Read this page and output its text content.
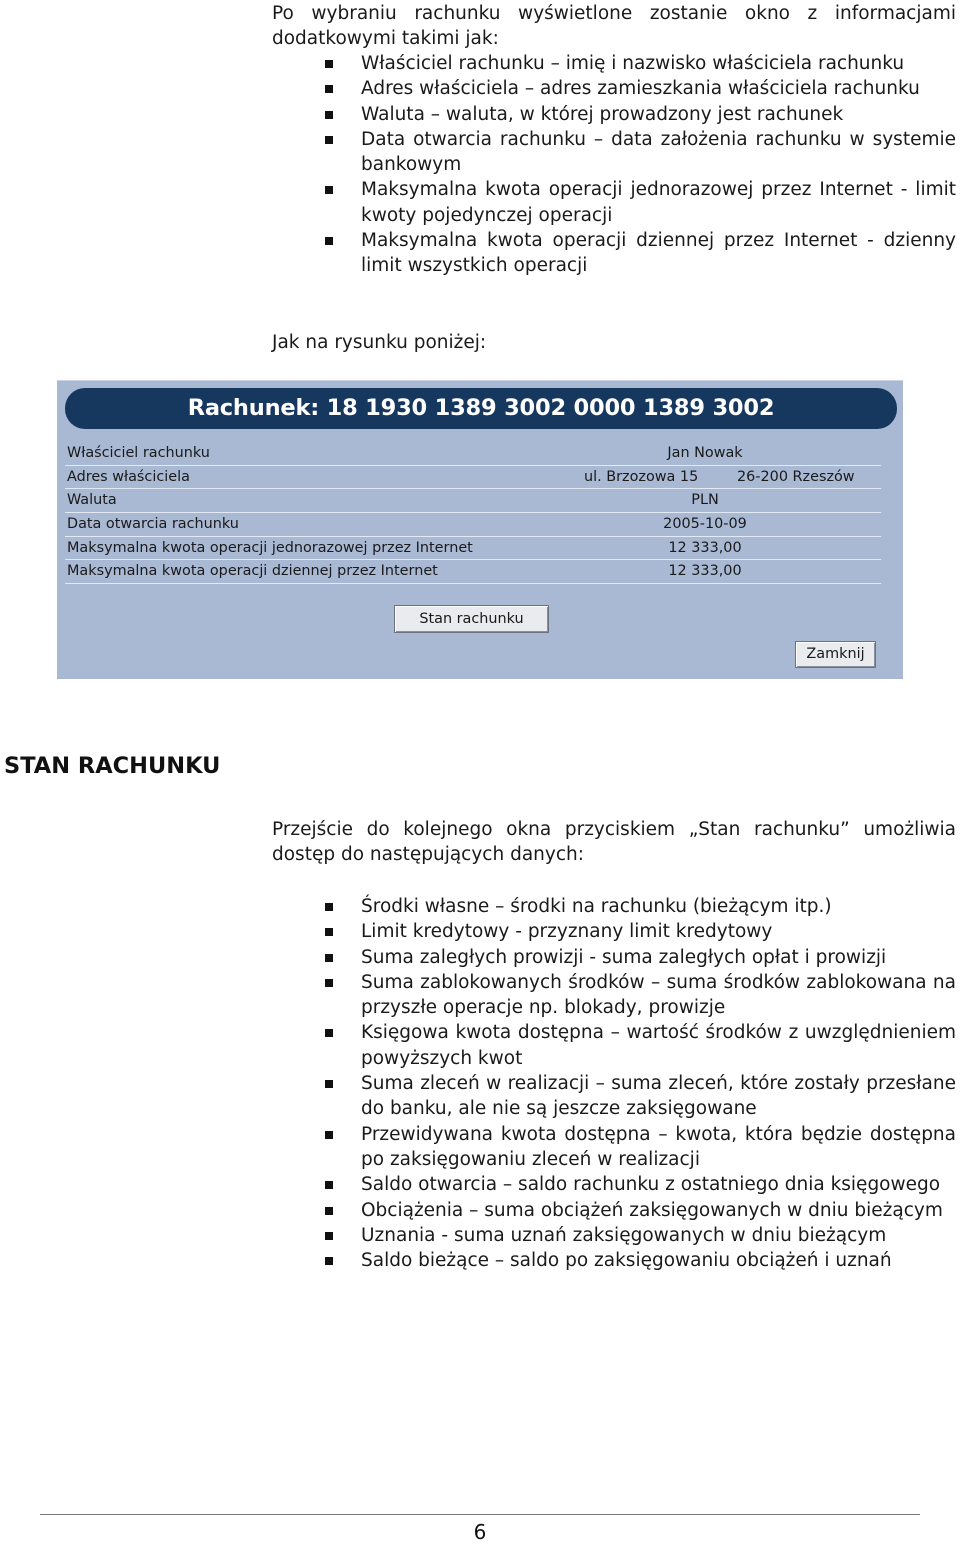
Po wybraniu rachunku wyświetlone zostanie okno z informacjami
dodatkowymi takimi jak:
Właściciel rachunku – imię i nazwisko właściciela rachunku
Adres właściciela – adres zamieszkania właściciela rachunku
Waluta – waluta, w której prowadzony jest rachunek
Data otwarcia rachunku – data założenia rachunku w systemie bankowym
Maksymalna kwota operacji jednorazowej przez Internet - limit kwoty pojedynczej operacji
Maksymalna kwota operacji dziennej przez Internet - dzienny limit wszystkich operacji
Jak na rysunku poniżej:
Rachunek: 18 1930 1389 3002 0000 1389 3002
Właściciel rachunku	Jan Nowak
Adres właściciela	ul. Brzozowa 15	26-200 Rzeszów
Waluta	PLN
Data otwarcia rachunku	2005-10-09
Maksymalna kwota operacji jednorazowej przez Internet	12 333,00
Maksymalna kwota operacji dziennej przez Internet	12 333,00
Stan rachunku
Zamknij
STAN RACHUNKU
Przejście do kolejnego okna przyciskiem „Stan rachunku” umożliwia
dostęp do następujących danych:
Środki własne – środki na rachunku (bieżącym itp.)
Limit kredytowy - przyznany limit kredytowy
Suma zaległych prowizji - suma zaległych opłat i prowizji
Suma zablokowanych środków – suma środków zablokowana na przyszłe operacje np. blokady, prowizje
Księgowa kwota dostępna – wartość środków z uwzględnieniem powyższych kwot
Suma zleceń w realizacji – suma zleceń, które zostały przesłane do banku, ale nie są jeszcze zaksięgowane
Przewidywana kwota dostępna – kwota, która będzie dostępna po zaksięgowaniu zleceń w realizacji
Saldo otwarcia – saldo rachunku z ostatniego dnia księgowego
Obciążenia – suma obciążeń zaksięgowanych w dniu bieżącym
Uznania - suma uznań zaksięgowanych w dniu bieżącym
Saldo bieżące – saldo po zaksięgowaniu obciążeń i uznań
6
